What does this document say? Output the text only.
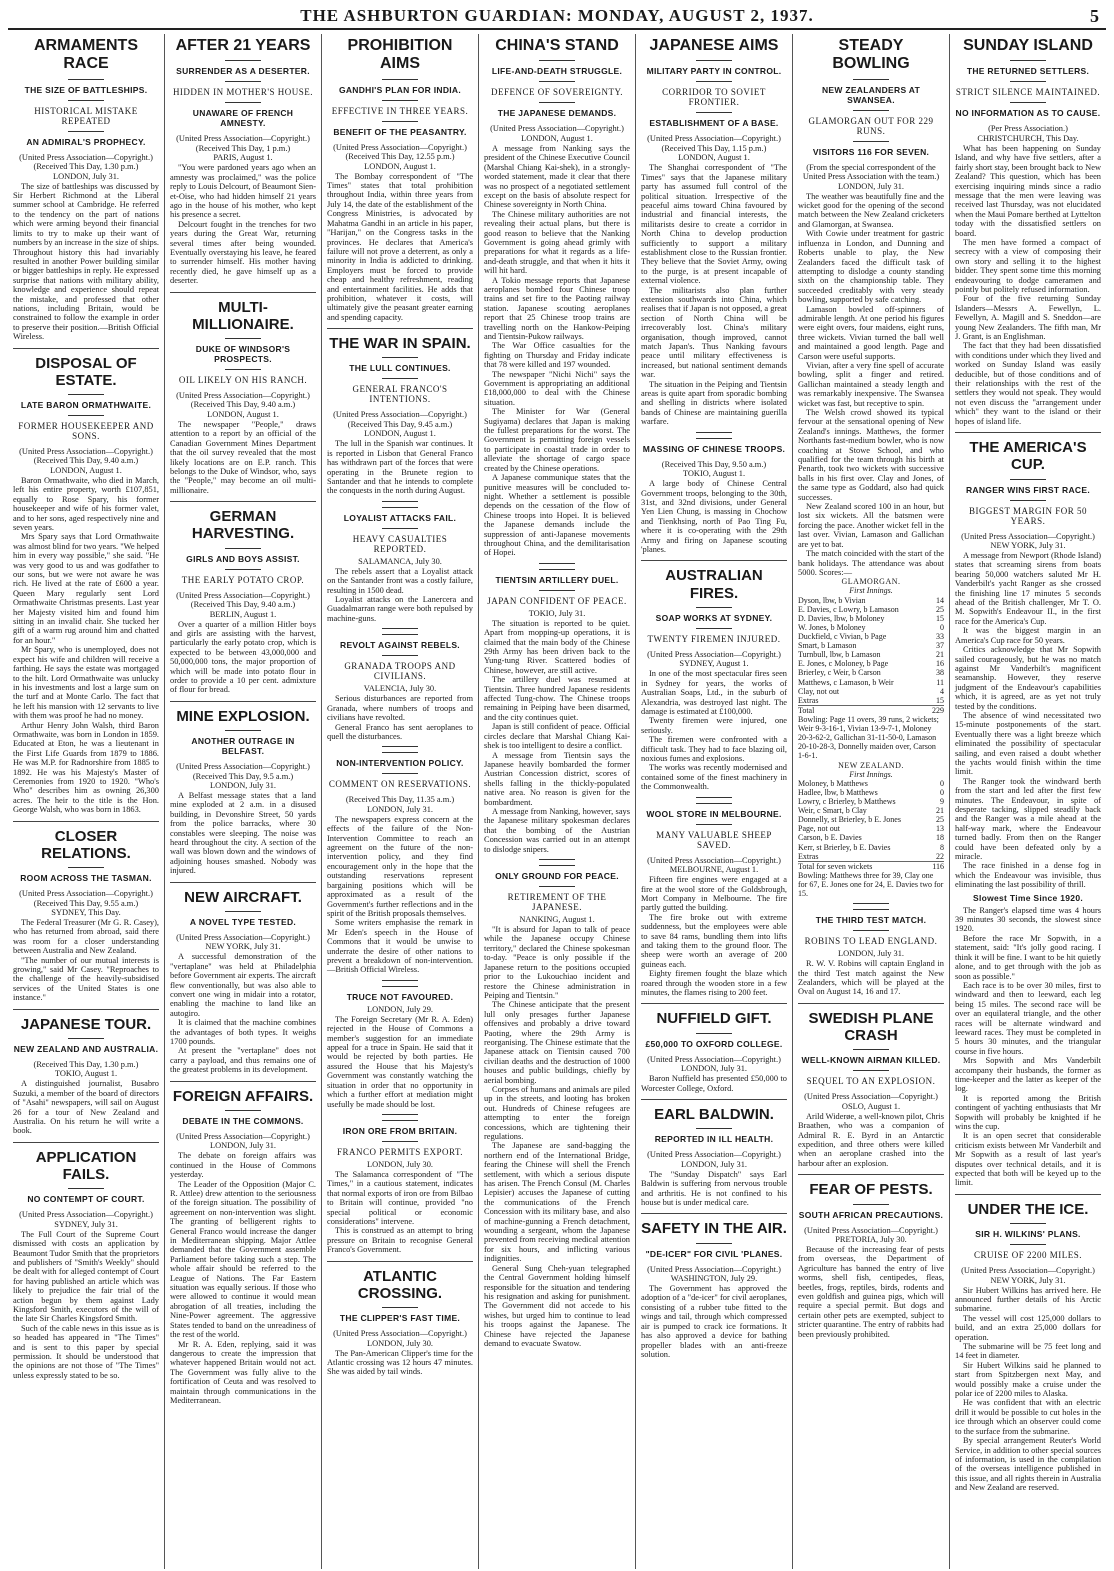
THE ASHBURTON GUARDIAN: MONDAY, AUGUST 2, 1937.	5
ARMAMENTS RACE
THE SIZE OF BATTLESHIPS.
HISTORICAL MISTAKE REPEATED
AN ADMIRAL'S PROPHECY.
(United Press Association—Copyright.) (Received This Day, 1.30 p.m.)
LONDON, July 31.

The size of battleships was discussed by Sir Herbert Richmond at the Liberal summer school at Cambridge. He referred to the tendency on the part of nations which were arming beyond their financial limits to try to make up their want of numbers by an increase in the size of ships. Throughout history this had invariably resulted in another Power building similar or bigger battleships in reply. He expressed surprise that nations with military ability, knowledge and experience should repeat the mistake, and professed that other nations, including Britain, would be constrained to follow the example in order to preserve their position.—British Official Wireless.

DISPOSAL OF ESTATE.
LATE BARON ORMATHWAITE.
FORMER HOUSEKEEPER AND SONS.
(United Press Association—Copyright.) (Received This Day, 9.40 a.m.)
LONDON, August 1.

Baron Ormathwaite, who died in March, left his entire property, worth £107,851, equally to Rose Spary, his former housekeeper and wife of his former valet, and to her sons, aged respectively nine and seven years.

Mrs Spary says that Lord Ormathwaite was almost blind for two years. "We helped him in every way possible," she said. "He was very good to us and was godfather to our sons, but we were not aware he was rich. He lived at the rate of £600 a year. Queen Mary regularly sent Lord Ormathwaite Christmas presents. Last year her Majesty visited him and found him sitting in an invalid chair. She tucked her gift of a warm rug around him and chatted for an hour."

Mr Spary, who is unemployed, does not expect his wife and children will receive a farthing. He says the estate was mortgaged to the hilt. Lord Ormathwaite was unlucky in his investments and lost a large sum on the turf and at Monte Carlo. The fact that he left his mansion with 12 servants to live with them was proof he had no money.

Arthur Henry John Walsh, third Baron Ormathwaite, was born in London in 1859. Educated at Eton, he was a lieutenant in the First Life Guards from 1879 to 1886. He was M.P. for Radnorshire from 1885 to 1892. He was his Majesty's Master of Ceremonies from 1920 to 1920. "Who's Who" describes him as owning 26,300 acres. The heir to the title is the Hon. George Walsh, who was born in 1863.

CLOSER RELATIONS.
ROOM ACROSS THE TASMAN.
(United Press Association—Copyright.) (Received This Day, 9.55 a.m.)
SYDNEY, This Day.

The Federal Treasurer (Mr G. R. Casey), who has returned from abroad, said there was room for a closer understanding between Australia and New Zealand.

"The number of our mutual interests is growing," said Mr Casey. "Reproaches to the challenge of the heavily-subsidised services of the United States is one instance."

JAPANESE TOUR.
NEW ZEALAND AND AUSTRALIA.
(Received This Day, 1.30 p.m.)
TOKIO, August 1.

A distinguished journalist, Busabro Suzuki, a member of the board of directors of "Asahi" newspapers, will sail on August 26 for a tour of New Zealand and Australia. On his return he will write a book.

APPLICATION FAILS.
NO CONTEMPT OF COURT.
(United Press Association—Copyright.)
SYDNEY, July 31.

The Full Court of the Supreme Court dismissed with costs an application by Beaumont Tudor Smith that the proprietors and publishers of "Smith's Weekly" should be dealt with for alleged contempt of Court for having published an article which was likely to prejudice the fair trial of the action begun by them against Lady Kingsford Smith, executors of the will of the late Sir Charles Kingsford Smith.

Such of the cable news in this issue as is so headed has appeared in "The Times" and is sent to this paper by special permission. It should be understood that the opinions are not those of "The Times" unless expressly stated to be so.

AFTER 21 YEARS
SURRENDER AS A DESERTER.
HIDDEN IN MOTHER'S HOUSE.
UNAWARE OF FRENCH AMNESTY.
(United Press Association—Copyright.) (Received This Day, 1 p.m.)
PARIS, August 1.

"You were pardoned years ago when an amnesty was proclaimed," was the police reply to Louis Delcourt, of Beaumont Sien-et-Oise, who had hidden himself 21 years ago in the house of his mother, who kept his presence a secret.

Delcourt fought in the trenches for two years during the Great War, returning several times after being wounded. Eventually overstaying his leave, he feared to surrender himself. His mother having recently died, he gave himself up as a deserter.

MULTI-MILLIONAIRE.
DUKE OF WINDSOR'S PROSPECTS.
OIL LIKELY ON HIS RANCH.
(United Press Association—Copyright.) (Received This Day, 9.40 a.m.)
LONDON, August 1.

The newspaper "People," draws attention to a report by an official of the Canadian Government Mines Department that the oil survey revealed that the most likely locations are on E.P. ranch. This belongs to the Duke of Windsor, who, says the "People," may become an oil multi-millionaire.

GERMAN HARVESTING.
GIRLS AND BOYS ASSIST.
THE EARLY POTATO CROP.
(United Press Association—Copyright.) (Received This Day, 9.40 a.m.)
BERLIN, August 1.

Over a quarter of a million Hitler boys and girls are assisting with the harvest, particularly the early potato crop, which is expected to be between 43,000,000 and 50,000,000 tons, the major proportion of which will be made into potato flour in order to provide a 10 per cent. admixture of flour for bread.

MINE EXPLOSION.
ANOTHER OUTRAGE IN BELFAST.
(United Press Association—Copyright.) (Received This Day, 9.5 a.m.)
LONDON, July 31.

A Belfast message states that a land mine exploded at 2 a.m. in a disused building, in Devonshire Street, 50 yards from the police barracks, where 30 constables were sleeping. The noise was heard throughout the city. A section of the wall was blown down and the windows of adjoining houses smashed. Nobody was injured.

NEW AIRCRAFT.
A NOVEL TYPE TESTED.
(United Press Association—Copyright.)
NEW YORK, July 31.

A successful demonstration of the "vertaplane" was held at Philadelphia before Government air experts. The aircraft flew conventionally, but was also able to convert one wing in midair into a rotator, enabling the machine to land like an autogiro.

It is claimed that the machine combines the advantages of both types. It weighs 1700 pounds.

At present the "vertaplane" does not carry a payload, and thus remains one of the greatest problems in its development.

FOREIGN AFFAIRS.
DEBATE IN THE COMMONS.
(United Press Association—Copyright.)
LONDON, July 31.

The debate on foreign affairs was continued in the House of Commons yesterday.

The Leader of the Opposition (Major C. R. Attlee) drew attention to the seriousness of the foreign situation. The possibility of agreement on non-intervention was slight. The granting of belligerent rights to General Franco would increase the danger in Mediterranean shipping. Major Attlee demanded that the Government assemble Parliament before taking such a step. The whole affair should be referred to the League of Nations. The Far Eastern situation was equally serious. If those who were allowed to continue it would mean abrogation of all treaties, including the Nine-Power agreement. The aggressive States tended to band on the unreadiness of the rest of the world.

Mr R. A. Eden, replying, said it was dangerous to create the impression that whatever happened Britain would not act. The Government was fully alive to the fortification of Ceuta and was resolved to maintain through communications in the Mediterranean.

PROHIBITION AIMS
GANDHI'S PLAN FOR INDIA.
EFFECTIVE IN THREE YEARS.
BENEFIT OF THE PEASANTRY.
(United Press Association—Copyright.) (Received This Day, 12.55 p.m.)
LONDON, August 1.

The Bombay correspondent of "The Times" states that total prohibition throughout India, within three years from July 14, the date of the establishment of the Congress Ministries, is advocated by Mahatma Gandhi in an article in his paper, "Harijan," on the Congress tasks in the provinces. He declares that America's failure will not prove a deterrent, as only a minority in India is addicted to drinking. Employers must be forced to provide cheap and healthy refreshment, reading and entertainment facilities. He adds that prohibition, whatever it costs, will ultimately give the peasant greater earning and spending capacity.

THE WAR IN SPAIN.
THE LULL CONTINUES.
GENERAL FRANCO'S INTENTIONS.
(United Press Association—Copyright.) (Received This Day, 9.45 a.m.)
LONDON, August 1.

The lull in the Spanish war continues. It is reported in Lisbon that General Franco has withdrawn part of the forces that were operating in the Brunete region to Santander and that he intends to complete the conquests in the north during August.

LOYALIST ATTACKS FAIL.
HEAVY CASUALTIES REPORTED.
SALAMANCA, July 30.

The rebels assert that a Loyalist attack on the Santander front was a costly failure, resulting in 1500 dead.

Loyalist attacks on the Lanercera and Guadalmarran range were both repulsed by machine-guns.

REVOLT AGAINST REBELS.
GRANADA TROOPS AND CIVILIANS.
VALENCIA, July 30.

Serious disturbances are reported from Granada, where numbers of troops and civilians have revolted.

General Franco has sent aeroplanes to quell the disturbances.

NON-INTERVENTION POLICY.
COMMENT ON RESERVATIONS.
(Received This Day, 11.35 a.m.)
LONDON, July 31.

The newspapers express concern at the effects of the failure of the Non-Intervention Committee to reach an agreement on the future of the non-intervention policy, and they find encouragement only in the hope that the outstanding reservations represent bargaining positions which will be approximated as a result of the Government's further reflections and in the spirit of the British proposals themselves.

Some writers emphasise the remark in Mr Eden's speech in the House of Commons that it would be unwise to underrate the desire of other nations to prevent a breakdown of non-intervention.—British Official Wireless.

TRUCE NOT FAVOURED.
LONDON, July 29.

The Foreign Secretary (Mr R. A. Eden) rejected in the House of Commons a member's suggestion for an immediate appeal for a truce in Spain. He said that it would be rejected by both parties. He assured the House that his Majesty's Government was constantly watching the situation in order that no opportunity in which a further effort at mediation might usefully be made should be lost.

IRON ORE FROM BRITAIN.
FRANCO PERMITS EXPORT.
LONDON, July 30.

The Salamanca correspondent of "The Times," in a cautious statement, indicates that normal exports of iron ore from Bilbao to Britain will continue, provided "no special political or economic considerations" intervene.

This is construed as an attempt to bring pressure on Britain to recognise General Franco's Government.

ATLANTIC CROSSING.
THE CLIPPER'S FAST TIME.
(United Press Association—Copyright.)
LONDON, July 30.

The Pan-American Clipper's time for the Atlantic crossing was 12 hours 47 minutes. She was aided by tail winds.

CHINA'S STAND
LIFE-AND-DEATH STRUGGLE.
DEFENCE OF SOVEREIGNTY.
THE JAPANESE DEMANDS.
(United Press Association—Copyright.)
LONDON, August 1.

A message from Nanking says the president of the Chinese Executive Council (Marshal Chiang Kai-shek), in a strongly-worded statement, made it clear that there was no prospect of a negotiated settlement except on the basis of absolute respect for Chinese sovereignty in North China.

The Chinese military authorities are not revealing their actual plans, but there is good reason to believe that the Nanking Government is going ahead grimly with preparations for what it regards as a life-and-death struggle, and that when it hits it will hit hard.

A Tokio message reports that Japanese aeroplanes bombed four Chinese troop trains and set fire to the Paoting railway station. Japanese scouting aeroplanes report that 25 Chinese troop trains are travelling north on the Hankow-Peiping and Tientsin-Pukow railways.

The War Office casualties for the fighting on Thursday and Friday indicate that 78 were killed and 197 wounded.

The newspaper "Nichi Nichi" says the Government is appropriating an additional £18,000,000 to deal with the Chinese situation.

The Minister for War (General Sugiyama) declares that Japan is making the fullest preparations for the worst. The Government is permitting foreign vessels to participate in coastal trade in order to alleviate the shortage of cargo space created by the Chinese operations.

A Japanese communique states that the punitive measures will be concluded to-night. Whether a settlement is possible depends on the cessation of the flow of Chinese troops into Hopei. It is believed the Japanese demands include the suppression of anti-Japanese movements throughout China, and the demilitarisation of Hopei.

TIENTSIN ARTILLERY DUEL.
JAPAN CONFIDENT OF PEACE.
TOKIO, July 31.

The situation is reported to be quiet. Apart from mopping-up operations, it is claimed that the main body of the Chinese 29th Army has been driven back to the Yung-tung River. Scattered bodies of Chinese, however, are still active.

The artillery duel was resumed at Tientsin. Three hundred Japanese residents affected Tung-chow. The Chinese troops remaining in Peiping have been disarmed, and the city continues quiet.

Japan is still confident of peace. Official circles declare that Marshal Chiang Kai-shek is too intelligent to desire a conflict.

A message from Tientsin says the Japanese heavily bombarded the former Austrian Concession district, scores of shells falling in the thickly-populated native area. No reason is given for the bombardment.

A message from Nanking, however, says the Japanese military spokesman declares that the bombing of the Austrian Concession was carried out in an attempt to dislodge snipers.

ONLY GROUND FOR PEACE.
RETIREMENT OF THE JAPANESE.
NANKING, August 1.

"It is absurd for Japan to talk of peace while the Japanese occupy Chinese territory," declared the Chinese spokesman to-day. "Peace is only possible if the Japanese return to the positions occupied prior to the Lukouchiao incident and restore the Chinese administration in Peiping and Tientsin."

The Chinese anticipate that the present lull only presages further Japanese offensives and probably a drive toward Paoting, where the 29th Army is reorganising. The Chinese estimate that the Japanese attack on Tientsin caused 700 civilian deaths and the destruction of 1000 houses and public buildings, chiefly by aerial bombing.

Corpses of humans and animals are piled up in the streets, and looting has broken out. Hundreds of Chinese refugees are attempting to enter the foreign concessions, which are tightening their regulations.

The Japanese are sand-bagging the northern end of the International Bridge, fearing the Chinese will shell the French settlement, with which a serious dispute has arisen. The French Consul (M. Charles Lepisier) accuses the Japanese of cutting the communications of the French Concession with its military base, and also of machine-gunning a French detachment, wounding a sergeant, whom the Japanese prevented from receiving medical attention for six hours, and inflicting various indignities.

General Sung Cheh-yuan telegraphed the Central Government holding himself responsible for the situation and tendering his resignation and asking for punishment. The Government did not accede to his wishes, but urged him to continue to lead his troops against the Japanese. The Chinese have rejected the Japanese demand to evacuate Swatow.

JAPANESE AIMS
MILITARY PARTY IN CONTROL.
CORRIDOR TO SOVIET FRONTIER.
ESTABLISHMENT OF A BASE.
(United Press Association—Copyright.) (Received This Day, 1.15 p.m.)
LONDON, August 1.

The Shanghai correspondent of "The Times" says that the Japanese military party has assumed full control of the political situation. Irrespective of the peaceful aims toward China favoured by industrial and financial interests, the militarists desire to create a corridor in North China to develop production sufficiently to support a military establishment close to the Russian frontier. They believe that the Soviet Army, owing to the purge, is at present incapable of external violence.

The militarists also plan further extension southwards into China, which realises that if Japan is not opposed, a great section of North China will be irrecoverably lost. China's military organisation, though improved, cannot match Japan's. Thus Nanking favours peace until military effectiveness is increased, but national sentiment demands war.

The situation in the Peiping and Tientsin areas is quite apart from sporadic bombing and shelling in districts where isolated bands of Chinese are maintaining guerilla warfare.

MASSING OF CHINESE TROOPS.
(Received This Day, 9.50 a.m.)
TOKIO, August 1.

A large body of Chinese Central Government troops, belonging to the 30th, 31st, and 32nd divisions, under General Yen Lien Chung, is massing in Chochow and Tienkhsing, north of Pao Ting Fu, where it is co-operating with the 29th Army and firing on Japanese scouting 'planes.

AUSTRALIAN FIRES.
SOAP WORKS AT SYDNEY.
TWENTY FIREMEN INJURED.
(United Press Association—Copyright.)
SYDNEY, August 1.

In one of the most spectacular fires seen in Sydney for years, the works of Australian Soaps, Ltd., in the suburb of Alexandria, was destroyed last night. The damage is estimated at £100,000.

Twenty firemen were injured, one seriously.

The firemen were confronted with a difficult task. They had to face blazing oil, noxious fumes and explosions.

The works was recently modernised and contained some of the finest machinery in the Commonwealth.

WOOL STORE IN MELBOURNE.
MANY VALUABLE SHEEP SAVED.
(United Press Association—Copyright.)
MELBOURNE, August 1.

Fifteen fire engines were engaged at a fire at the wool store of the Goldsbrough, Mort Company in Melbourne. The fire partly gutted the building.

The fire broke out with extreme suddenness, but the employees were able to save 84 rams, bundling them into lifts and taking them to the ground floor. The sheep were worth an average of 200 guineas each.

Eighty firemen fought the blaze which roared through the wooden store in a few minutes, the flames rising to 200 feet.

NUFFIELD GIFT.
£50,000 TO OXFORD COLLEGE.
(United Press Association—Copyright.)
LONDON, July 31.

Baron Nuffield has presented £50,000 to Worcester College, Oxford.

EARL BALDWIN.
REPORTED IN ILL HEALTH.
(United Press Association—Copyright.)
LONDON, July 31.

The "Sunday Dispatch" says Earl Baldwin is suffering from nervous trouble and arthritis. He is not confined to his house but is under medical care.

SAFETY IN THE AIR.
"DE-ICER" FOR CIVIL 'PLANES.
(United Press Association—Copyright.)
WASHINGTON, July 29.

The Government has approved the adoption of a "de-icer" for civil aeroplanes, consisting of a rubber tube fitted to the wings and tail, through which compressed air is pumped to crack ice formations. It has also approved a device for bathing propeller blades with an anti-freeze solution.

STEADY BOWLING
NEW ZEALANDERS AT SWANSEA.
GLAMORGAN OUT FOR 229 RUNS.
VISITORS 116 FOR SEVEN.
(From the special correspondent of the United Press Association with the team.)
LONDON, July 31.

The weather was beautifully fine and the wicket good for the opening of the second match between the New Zealand cricketers and Glamorgan, at Swansea.

With Cowie under treatment for gastric influenza in London, and Dunning and Roberts unable to play, the New Zealanders faced the difficult task of attempting to dislodge a county standing sixth on the championship table. They succeeded creditably with very steady bowling, supported by safe catching.

Lamason bowled off-spinners of admirable length. At one period his figures were eight overs, four maidens, eight runs, three wickets. Vivian turned the ball well and maintained a good length. Page and Carson were useful supports.

Vivian, after a very fine spell of accurate bowling, split a finger and retired. Gallichan maintained a steady length and was remarkably inexpensive. The Swansea wicket was fast, but receptive to spin.

The Welsh crowd showed its typical fervour at the sensational opening of New Zealand's innings. Matthews, the former Northants fast-medium bowler, who is now coaching at Stowe School, and who qualified for the team through his birth at Penarth, took two wickets with successive balls in his first over. Clay and Jones, of the same type as Goddard, also had quick successes.

New Zealand scored 100 in an hour, but lost six wickets. All the batsmen were forcing the pace. Another wicket fell in the last over. Vivian, Lamason and Gallichan are yet to bat.

The match coincided with the start of the bank holidays. The attendance was about 5000. Scores:—

GLAMORGAN.
First Innings.
Dyson, lbw, b Vivian	14
E. Davies, c Lowry, b Lamason	25
D. Davies, lbw, b Moloney	15
W. Jones, b Moloney	0
Duckfield, c Vivian, b Page	33
Smart, b Lamason	37
Turnbull, lbw, b Lamason	21
E. Jones, c Moloney, b Page	16
Brierley, c Weir, b Carson	38
Matthews, c Lamason, b Weir	11
Clay, not out	4
Extras	15
Total	229
Bowling: Page 11 overs, 39 runs, 2 wickets; Weir 9-3-16-1, Vivian 13-9-7-1, Moloney 20-3-62-2, Gallichan 31-11-50-0, Lamason 20-10-28-3, Donnelly maiden over, Carson 1-6-1.
NEW ZEALAND.
First Innings.
Moloney, b Matthews	0
Hadlee, lbw, b Matthews	0
Lowry, c Brierley, b Matthews	9
Weir, c Smart, b Clay	21
Donnelly, st Brierley, b E. Jones	25
Page, not out	13
Carson, b E. Davies	18
Kerr, st Brierley, b E. Davies	8
Extras	22
Total for seven wickets	116
Bowling: Matthews three for 39, Clay one for 67, E. Jones one for 24, E. Davies two for 15.
THE THIRD TEST MATCH.
ROBINS TO LEAD ENGLAND.
LONDON, July 31.

R. W. V. Robins will captain England in the third Test match against the New Zealanders, which will be played at the Oval on August 14, 16 and 17.

SWEDISH PLANE CRASH
WELL-KNOWN AIRMAN KILLED.
SEQUEL TO AN EXPLOSION.
(United Press Association—Copyright.)
OSLO, August 1.

Arild Widerøe, a well-known pilot, Chris Braathen, who was a companion of Admiral R. E. Byrd in an Antarctic expedition, and three others were killed when an aeroplane crashed into the harbour after an explosion.

FEAR OF PESTS.
SOUTH AFRICAN PRECAUTIONS.
(United Press Association—Copyright.)
PRETORIA, July 30.

Because of the increasing fear of pests from overseas, the Department of Agriculture has banned the entry of live worms, shell fish, centipedes, fleas, beetles, frogs, reptiles, birds, rodents and even goldfish and guinea pigs, which will require a special permit. But dogs and certain other pets are exempted, subject to stricter quarantine. The entry of rabbits had been previously prohibited.

SUNDAY ISLAND
THE RETURNED SETTLERS.
STRICT SILENCE MAINTAINED.
NO INFORMATION AS TO CAUSE.
(Per Press Association.)
CHRISTCHURCH, This Day.

What has been happening on Sunday Island, and why have five settlers, after a fairly short stay, been brought back to New Zealand? This question, which has been exercising inquiring minds since a radio message that the men were leaving was received last Thursday, was not elucidated when the Maui Pomare berthed at Lyttelton today with the dissatisfied settlers on board.

The men have formed a compact of secrecy with a view of composing their own story and selling it to the highest bidder. They spent some time this morning endeavouring to dodge cameramen and pointly but politely refused information.

Four of the five returning Sunday Islanders—Messrs A. Fewellyn, L. Fewellyn, A. Magill and S. Sneddon—are young New Zealanders. The fifth man, Mr J. Grant, is an Englishman.

The fact that they had been dissatisfied with conditions under which they lived and worked on Sunday Island was easily deducible, but of those conditions and of their relationships with the rest of the settlers they would not speak. They would not even discuss the "arrangement under which" they want to the island or their hopes of island life.

THE AMERICA'S CUP.
RANGER WINS FIRST RACE.
BIGGEST MARGIN FOR 50 YEARS.
(United Press Association—Copyright.)
NEW YORK, July 31.

A message from Newport (Rhode Island) states that screaming sirens from boats bearing 50,000 watchers saluted Mr H. Vanderbilt's yacht Ranger as she crossed the finishing line 17 minutes 5 seconds ahead of the British challenger, Mr T. O. M. Sopwith's Endeavour II., in the first race for the America's Cup.

It was the biggest margin in an America's Cup race for 50 years.

Critics acknowledge that Mr Sopwith sailed courageously, but he was no match against Mr Vanderbilt's magnificent seamanship. However, they reserve judgment of the Endeavour's capabilities which, it is agreed, are as yet not truly tested by the conditions.

The absence of wind necessitated two 15-minute postponements of the start. Eventually there was a light breeze which eliminated the possibility of spectacular sailing, and even raised a doubt whether the yachts would finish within the time limit.

The Ranger took the windward berth from the start and led after the first few minutes. The Endeavour, in spite of desperate tacking, slipped steadily back and the Ranger was a mile ahead at the half-way mark, where the Endeavour turned badly. From then on the Ranger could have been defeated only by a miracle.

The race finished in a dense fog in which the Endeavour was invisible, thus eliminating the last possibility of thrill.

Slowest Time Since 1920.

The Ranger's elapsed time was 4 hours 39 minutes 30 seconds, the slowest since 1920.

Before the race Mr Sopwith, in a statement, said: "It's jolly good racing. I think it will be fine. I want to be hit quietly alone, and to get through with the job as soon as possible."

Each race is to be over 30 miles, first to windward and then to leeward, each leg being 15 miles. The second race will be over an equilateral triangle, and the other races will be alternate windward and leeward races. They must be completed in 5 hours 30 minutes, and the triangular course in five hours.

Mrs Sopwith and Mrs Vanderbilt accompany their husbands, the former as time-keeper and the latter as keeper of the log.

It is reported among the British contingent of yachting enthusiasts that Mr Sopwith will probably be knighted if he wins the cup.

It is an open secret that considerable criticism exists between Mr Vanderbilt and Mr Sopwith as a result of last year's disputes over technical details, and it is expected that both will be keyed up to the limit.

UNDER THE ICE.
SIR H. WILKINS' PLANS.
CRUISE OF 2200 MILES.
(United Press Association—Copyright.)
NEW YORK, July 31.

Sir Hubert Wilkins has arrived here. He announced further details of his Arctic submarine.

The vessel will cost 125,000 dollars to build, and an extra 25,000 dollars for operation.

The submarine will be 75 feet long and 14 feet in diameter.

Sir Hubert Wilkins said he planned to start from Spitzbergen next May, and would possibly make a cruise under the polar ice of 2200 miles to Alaska.

He was confident that with an electric drill it would be possible to cut holes in the ice through which an observer could come to the surface from the submarine.

By special arrangement Reuter's World Service, in addition to other special sources of information, is used in the compilation of the overseas intelligence published in this issue, and all rights therein in Australia and New Zealand are reserved.
